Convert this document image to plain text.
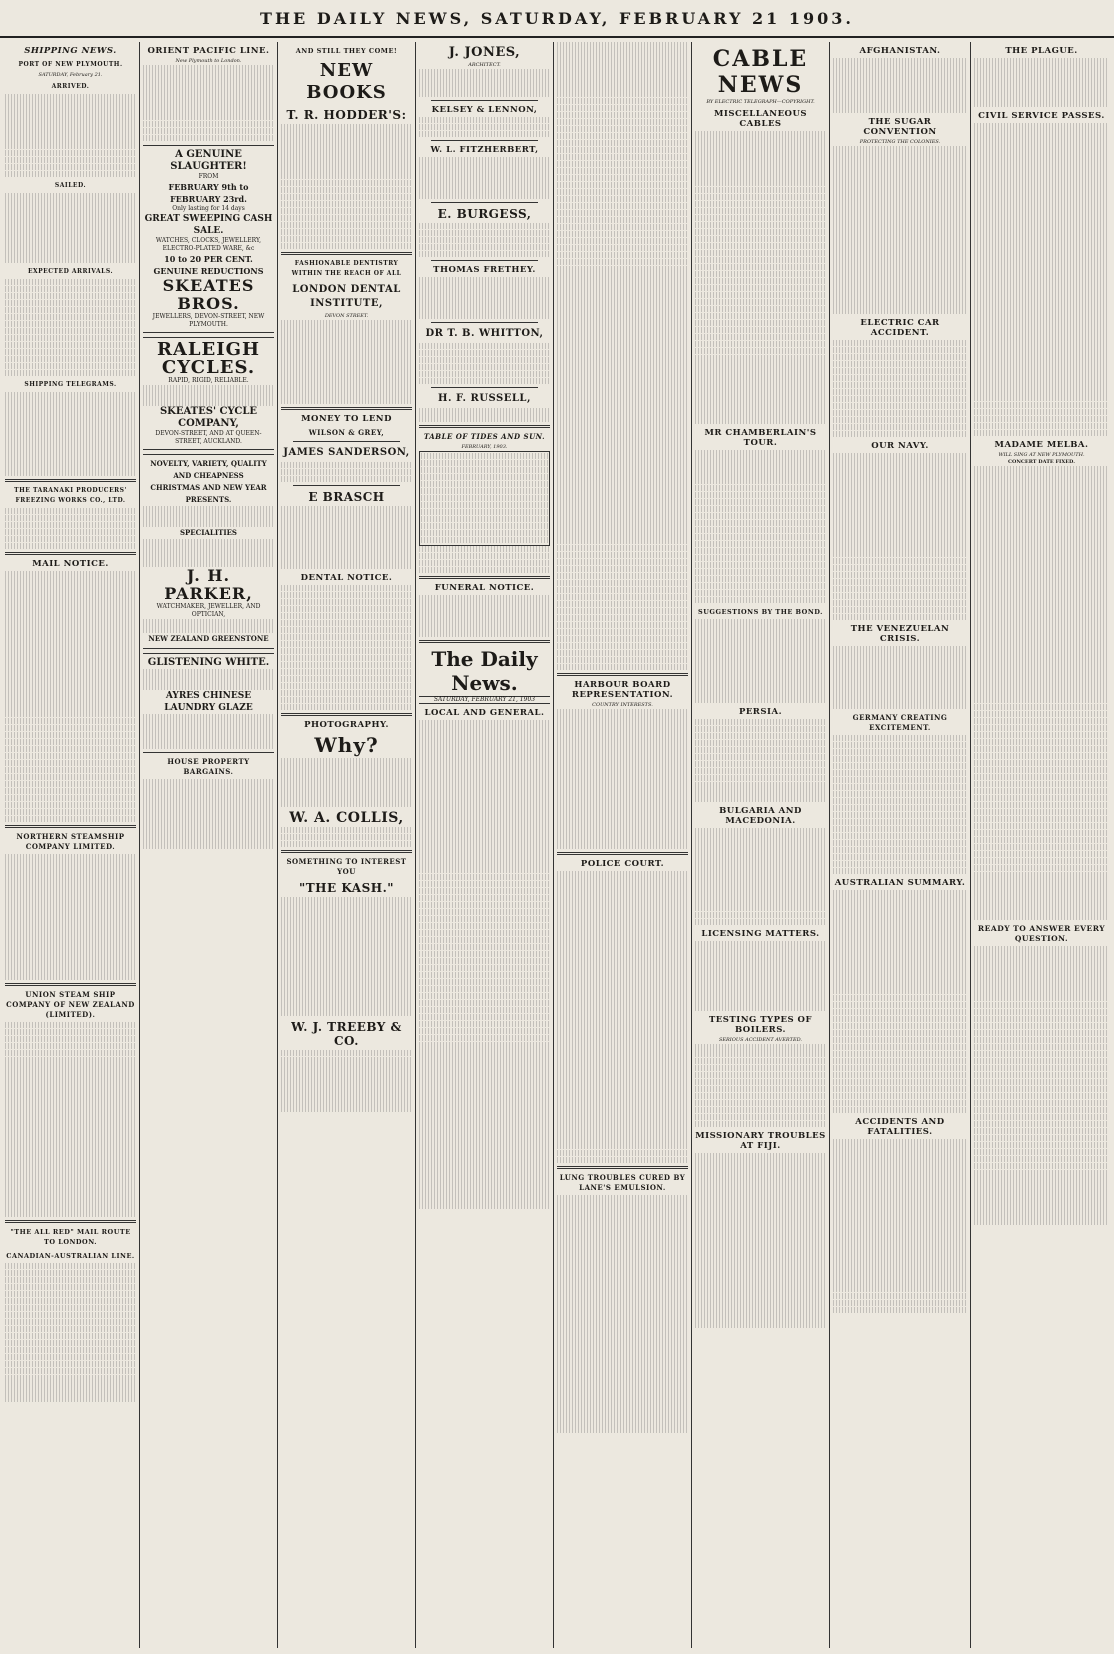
THE DAILY NEWS, SATURDAY, FEBRUARY 21 1903.
SHIPPING NEWS.
PORT OF NEW PLYMOUTH.
SATURDAY, February 21.
ARRIVED.
SAILED.
EXPECTED ARRIVALS.
SHIPPING TELEGRAMS.
THE TARANAKI PRODUCERS' FREEZING WORKS CO., LTD.
MAIL NOTICE.
NORTHERN STEAMSHIP COMPANY LIMITED.
UNION STEAM SHIP COMPANY OF NEW ZEALAND (LIMITED).
"THE ALL RED" MAIL ROUTE TO LONDON.
CANADIAN-AUSTRALIAN LINE.
ORIENT PACIFIC LINE.
New Plymouth to London.
A GENUINE SLAUGHTER!
FROM
FEBRUARY 9th to FEBRUARY 23rd.
Only lasting for 14 days
GREAT SWEEPING CASH SALE.
WATCHES, CLOCKS, JEWELLERY, ELECTRO-PLATED WARE, &c
10 to 20 PER CENT. GENUINE REDUCTIONS
SKEATES BROS.
JEWELLERS, DEVON-STREET, NEW PLYMOUTH.
RALEIGH CYCLES.
RAPID, RIGID, RELIABLE.
SKEATES' CYCLE COMPANY,
DEVON-STREET, AND AT QUEEN-STREET, AUCKLAND.
NOVELTY, VARIETY, QUALITY AND CHEAPNESS
CHRISTMAS AND NEW YEAR PRESENTS.
SPECIALITIES
J. H. PARKER,
WATCHMAKER, JEWELLER, AND OPTICIAN,
NEW ZEALAND GREENSTONE
GLISTENING WHITE.
AYRES CHINESE LAUNDRY GLAZE
HOUSE PROPERTY BARGAINS.
AND STILL THEY COME!
NEW BOOKS
T. R. HODDER'S:
FASHIONABLE DENTISTRY WITHIN THE REACH OF ALL
LONDON DENTAL INSTITUTE,
DEVON STREET.
MONEY TO LEND
WILSON & GREY,
JAMES SANDERSON,
E BRASCH
DENTAL NOTICE.
PHOTOGRAPHY.
Why?
W. A. COLLIS,
SOMETHING TO INTEREST YOU
"THE KASH."
W. J. TREEBY & CO.
J. JONES,
ARCHITECT.
KELSEY & LENNON,
W. L. FITZHERBERT,
E. BURGESS,
THOMAS FRETHEY.
DR T. B. WHITTON,
H. F. RUSSELL,
TABLE OF TIDES AND SUN.
FEBRUARY, 1903.
FUNERAL NOTICE.
The Daily News.
SATURDAY, FEBRUARY 21, 1903
LOCAL AND GENERAL.
HARBOUR BOARD REPRESENTATION.
COUNTRY INTERESTS.
POLICE COURT.
LUNG TROUBLES CURED BY LANE'S EMULSION.
CABLE NEWS
BY ELECTRIC TELEGRAPH—COPYRIGHT.
MISCELLANEOUS CABLES
MR CHAMBERLAIN'S TOUR.
SUGGESTIONS BY THE BOND.
PERSIA.
BULGARIA AND MACEDONIA.
LICENSING MATTERS.
TESTING TYPES OF BOILERS.
SERIOUS ACCIDENT AVERTED.
MISSIONARY TROUBLES AT FIJI.
AFGHANISTAN.
THE SUGAR CONVENTION
PROTECTING THE COLONIES.
ELECTRIC CAR ACCIDENT.
OUR NAVY.
THE VENEZUELAN CRISIS.
GERMANY CREATING EXCITEMENT.
AUSTRALIAN SUMMARY.
ACCIDENTS AND FATALITIES.
THE PLAGUE.
CIVIL SERVICE PASSES.
MADAME MELBA.
WILL SING AT NEW PLYMOUTH.
CONCERT DATE FIXED.
READY TO ANSWER EVERY QUESTION.
